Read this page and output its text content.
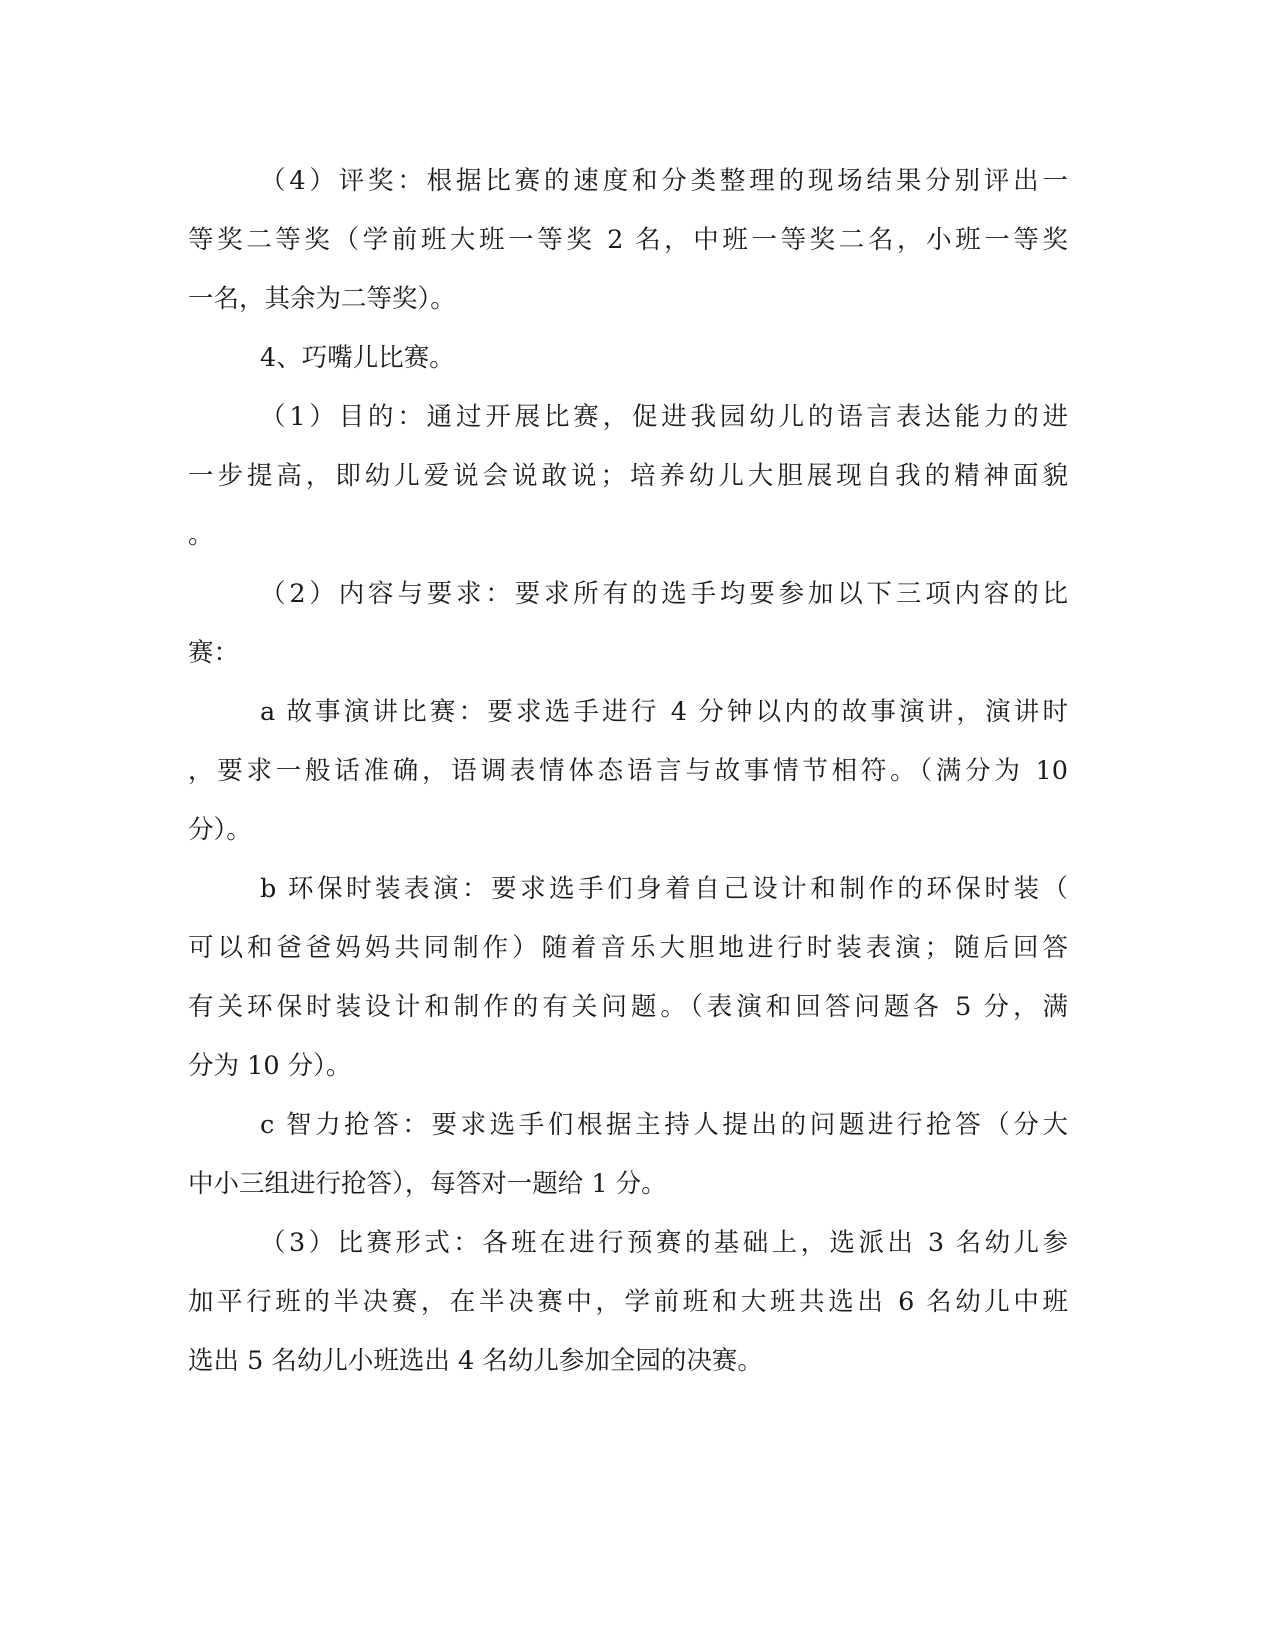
（4）评奖：根据比赛的速度和分类整理的现场结果分别评出一
等奖二等奖（学前班大班一等奖 2 名，中班一等奖二名，小班一等奖
一名，其余为二等奖）。
4、巧嘴儿比赛。
（1）目的：通过开展比赛，促进我园幼儿的语言表达能力的进
一步提高，即幼儿爱说会说敢说；培养幼儿大胆展现自我的精神面貌
。
（2）内容与要求：要求所有的选手均要参加以下三项内容的比
赛：
a 故事演讲比赛：要求选手进行 4 分钟以内的故事演讲，演讲时
，要求一般话准确，语调表情体态语言与故事情节相符。（满分为 10
分）。
b 环保时装表演：要求选手们身着自己设计和制作的环保时装（
可以和爸爸妈妈共同制作）随着音乐大胆地进行时装表演；随后回答
有关环保时装设计和制作的有关问题。（表演和回答问题各 5 分，满
分为 10 分）。
c 智力抢答：要求选手们根据主持人提出的问题进行抢答（分大
中小三组进行抢答），每答对一题给 1 分。
（3）比赛形式：各班在进行预赛的基础上，选派出 3 名幼儿参
加平行班的半决赛，在半决赛中，学前班和大班共选出 6 名幼儿中班
选出 5 名幼儿小班选出 4 名幼儿参加全园的决赛。
